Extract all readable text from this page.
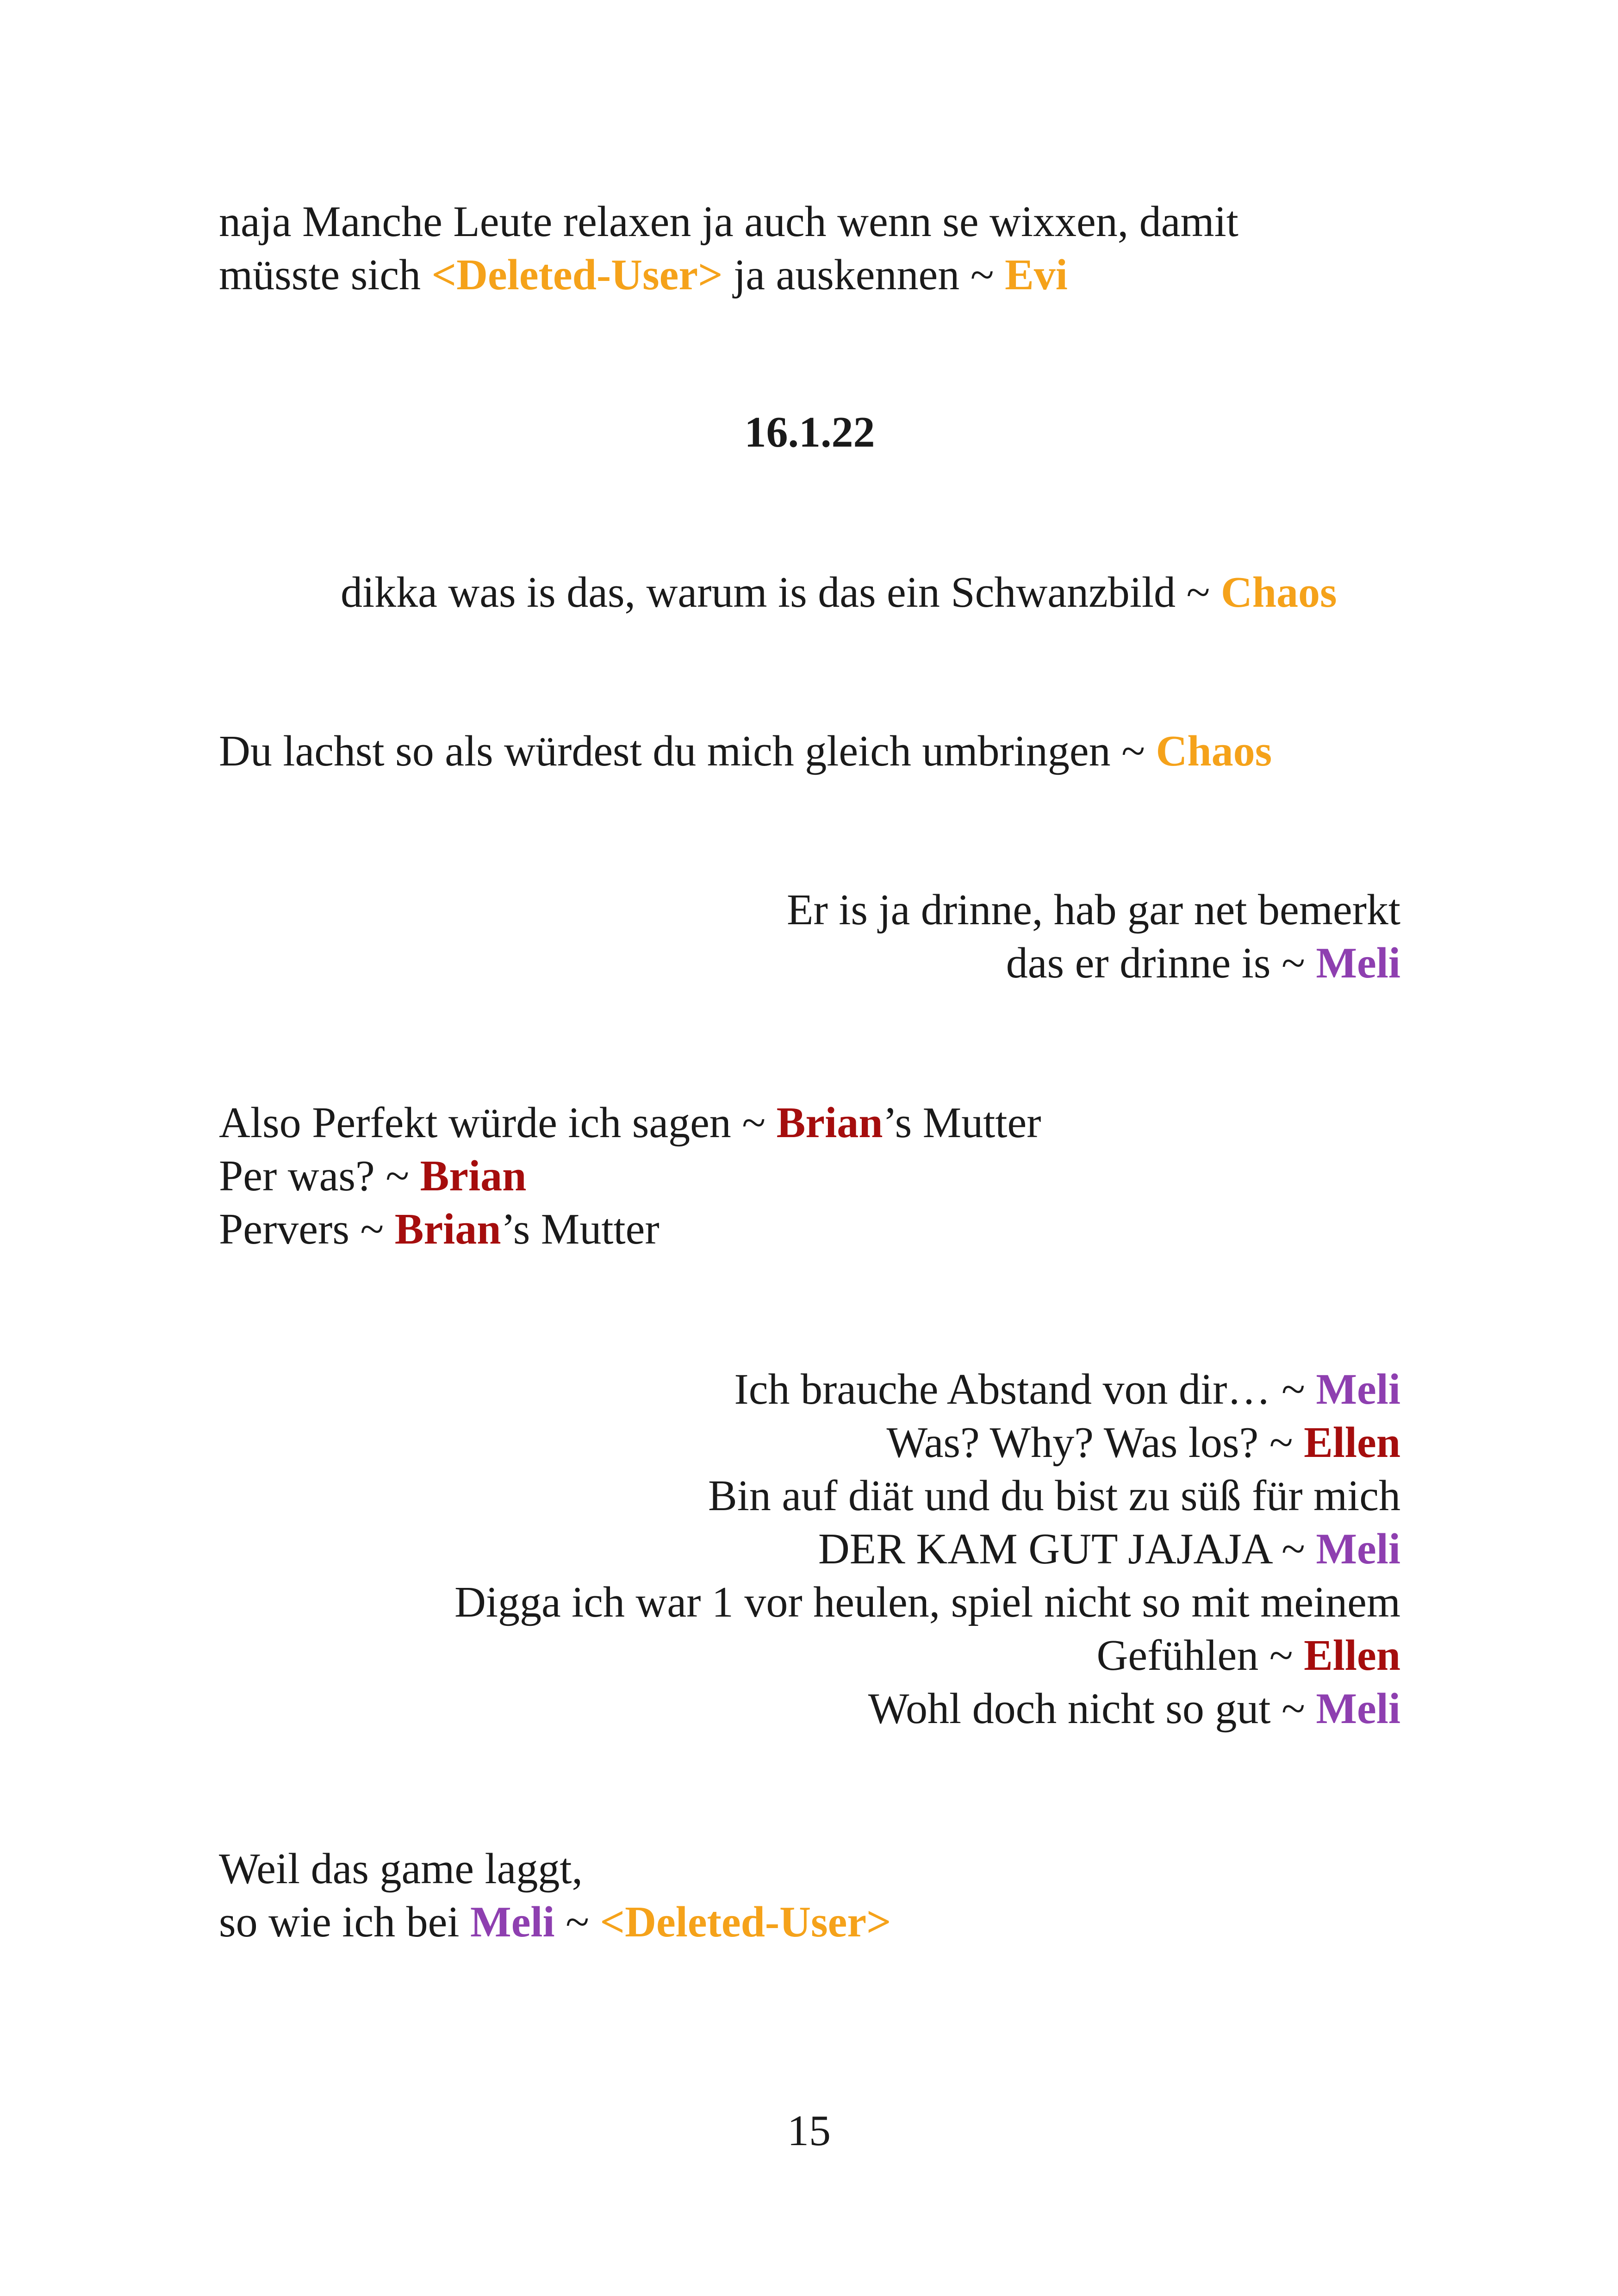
naja Manche Leute relaxen ja auch wenn se wixxen, damit
müsste sich <Deleted-User> ja auskennen ~ Evi
16.1.22
dikka was is das, warum is das ein Schwanzbild ~ Chaos
Du lachst so als würdest du mich gleich umbringen ~ Chaos
Er is ja drinne, hab gar net bemerkt
das er drinne is ~ Meli
Also Perfekt würde ich sagen ~ Brian’s Mutter
Per was? ~ Brian
Pervers ~ Brian’s Mutter
Ich brauche Abstand von dir… ~ Meli
Was? Why? Was los? ~ Ellen
Bin auf diät und du bist zu süß für mich
DER KAM GUT JAJAJA ~ Meli
Digga ich war 1 vor heulen, spiel nicht so mit meinem
Gefühlen ~ Ellen
Wohl doch nicht so gut ~ Meli
Weil das game laggt,
so wie ich bei Meli ~ <Deleted-User>
15
